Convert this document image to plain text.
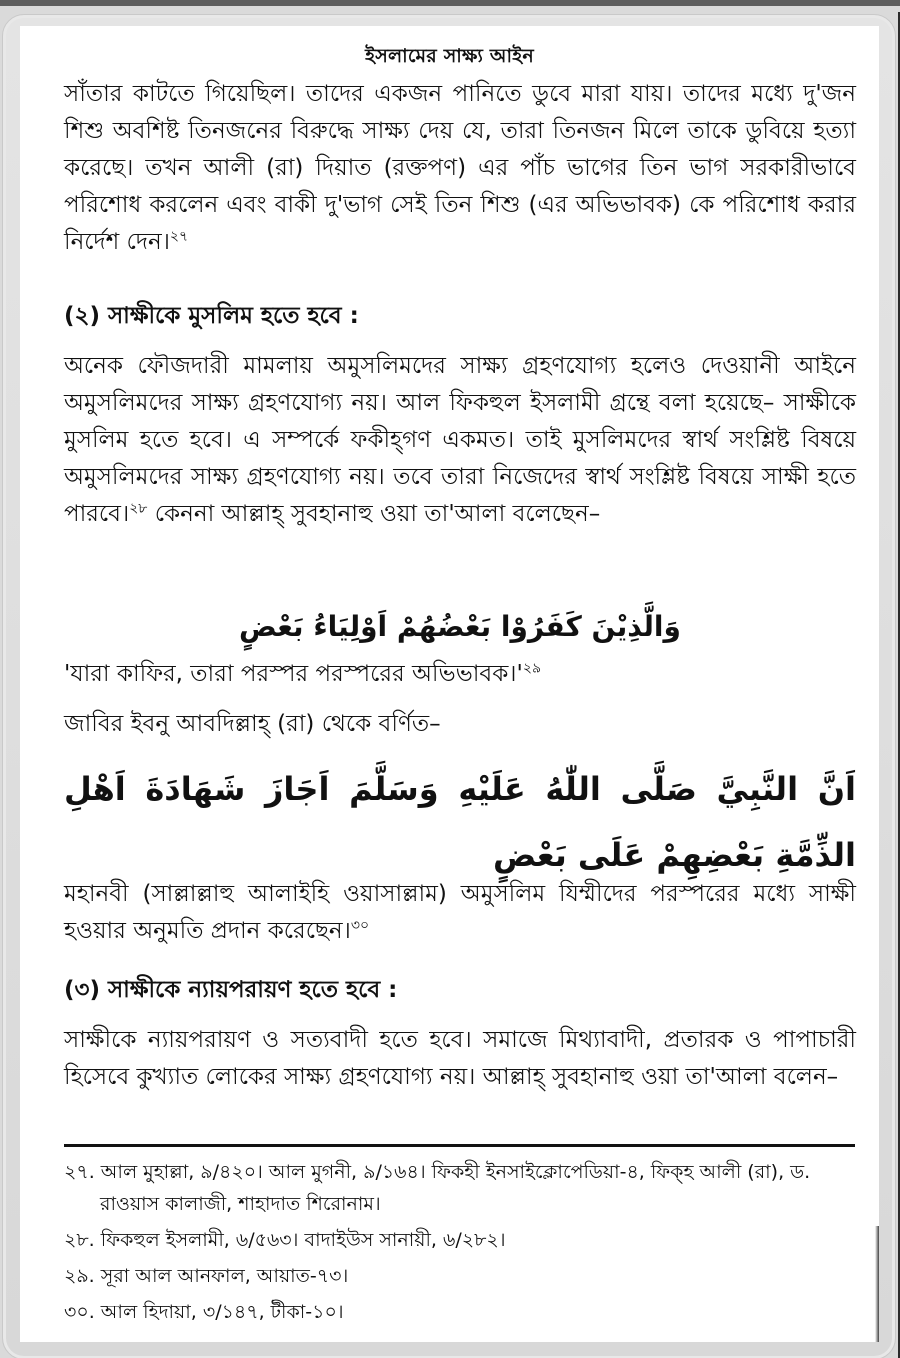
ইসলামের সাক্ষ্য আইন

সাঁতার কাটতে গিয়েছিল। তাদের একজন পানিতে ডুবে মারা যায়। তাদের মধ্যে দু'জন শিশু অবশিষ্ট তিনজনের বিরুদ্ধে সাক্ষ্য দেয় যে, তারা তিনজন মিলে তাকে ডুবিয়ে হত্যা করেছে। তখন আলী (রা) দিয়াত (রক্তপণ) এর পাঁচ ভাগের তিন ভাগ সরকারীভাবে পরিশোধ করলেন এবং বাকী দু'ভাগ সেই তিন শিশু (এর অভিভাবক) কে পরিশোধ করার নির্দেশ দেন।$^{২৭}$

(২) সাক্ষীকে মুসলিম হতে হবে :

অনেক ফৌজদারী মামলায় অমুসলিমদের সাক্ষ্য গ্রহণযোগ্য হলেও দেওয়ানী আইনে অমুসলিমদের সাক্ষ্য গ্রহণযোগ্য নয়। আল ফিকহুল ইসলামী গ্রন্থে বলা হয়েছে– সাক্ষীকে মুসলিম হতে হবে। এ সম্পর্কে ফকীহ্গণ একমত। তাই মুসলিমদের স্বার্থ সংশ্লিষ্ট বিষয়ে অমুসলিমদের সাক্ষ্য গ্রহণযোগ্য নয়। তবে তারা নিজেদের স্বার্থ সংশ্লিষ্ট বিষয়ে সাক্ষী হতে পারবে।$^{২৮}$ কেননা আল্লাহ্ সুবহানাহু ওয়া তা'আলা বলেছেন–

وَالَّذِيْنَ كَفَرُوْا بَعْضُهُمْ اَوْلِيَاءُ بَعْضٍ

'যারা কাফির, তারা পরস্পর পরস্পরের অভিভাবক।'$^{২৯}$

জাবির ইবনু আবদিল্লাহ্ (রা) থেকে বর্ণিত–

اَنَّ النَّبِيَّ صَلَّى اللّٰهُ عَلَيْهِ وَسَلَّمَ اَجَازَ شَهَادَةَ اَهْلِ الذِّمَّةِ بَعْضِهِمْ عَلَى بَعْضٍ

মহানবী (সাল্লাল্লাহু আলাইহি ওয়াসাল্লাম) অমুসলিম যিম্মীদের পরস্পরের মধ্যে সাক্ষী হওয়ার অনুমতি প্রদান করেছেন।$^{৩০}$

(৩) সাক্ষীকে ন্যায়পরায়ণ হতে হবে :

সাক্ষীকে ন্যায়পরায়ণ ও সত্যবাদী হতে হবে। সমাজে মিথ্যাবাদী, প্রতারক ও পাপাচারী হিসেবে কুখ্যাত লোকের সাক্ষ্য গ্রহণযোগ্য নয়। আল্লাহ্ সুবহানাহু ওয়া তা'আলা বলেন–

২৭. আল মুহাল্লা, ৯/৪২০। আল মুগনী, ৯/১৬৪। ফিকহী ইনসাইক্লোপেডিয়া-৪, ফিক্হ আলী (রা), ড. রাওয়াস কালাজী, শাহাদাত শিরোনাম।

২৮. ফিকহুল ইসলামী, ৬/৫৬৩। বাদাইউস সানায়ী, ৬/২৮২।

২৯. সূরা আল আনফাল, আয়াত-৭৩।

৩০. আল হিদায়া, ৩/১৪৭, টীকা-১০।
